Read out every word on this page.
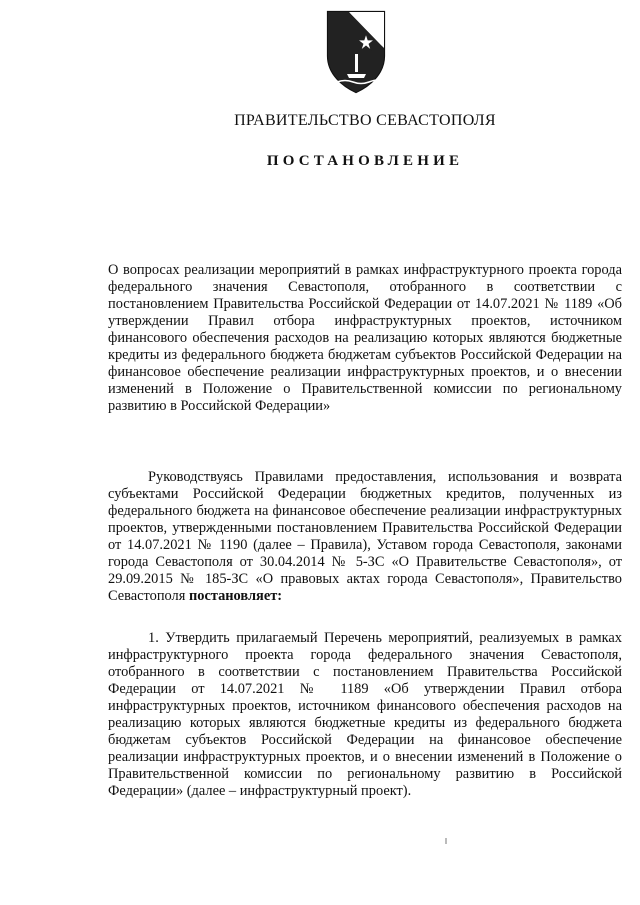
ПРАВИТЕЛЬСТВО СЕВАСТОПОЛЯ
ПОСТАНОВЛЕНИЕ
О вопросах реализации мероприятий в рамках инфраструктурного проекта города федерального значения Севастополя, отобранного в соответствии с постановлением Правительства Российской Федерации от 14.07.2021 № 1189 «Об утверждении Правил отбора инфраструктурных проектов, источником финансового обеспечения расходов на реализацию которых являются бюджетные кредиты из федерального бюджета бюджетам субъектов Российской Федерации на финансовое обеспечение реализации инфраструктурных проектов, и о внесении изменений в Положение о Правительственной комиссии по региональному развитию в Российской Федерации»
Руководствуясь Правилами предоставления, использования и возврата субъектами Российской Федерации бюджетных кредитов, полученных из федерального бюджета на финансовое обеспечение реализации инфраструктурных проектов, утвержденными постановлением Правительства Российской Федерации от 14.07.2021 № 1190 (далее – Правила), Уставом города Севастополя, законами города Севастополя от 30.04.2014 № 5-ЗС «О Правительстве Севастополя», от 29.09.2015 № 185-ЗС «О правовых актах города Севастополя», Правительство Севастополя постановляет:
1. Утвердить прилагаемый Перечень мероприятий, реализуемых в рамках инфраструктурного проекта города федерального значения Севастополя, отобранного в соответствии с постановлением Правительства Российской Федерации от 14.07.2021 № 1189 «Об утверждении Правил отбора инфраструктурных проектов, источником финансового обеспечения расходов на реализацию которых являются бюджетные кредиты из федерального бюджета бюджетам субъектов Российской Федерации на финансовое обеспечение реализации инфраструктурных проектов, и о внесении изменений в Положение о Правительственной комиссии по региональному развитию в Российской Федерации» (далее – инфраструктурный проект).
